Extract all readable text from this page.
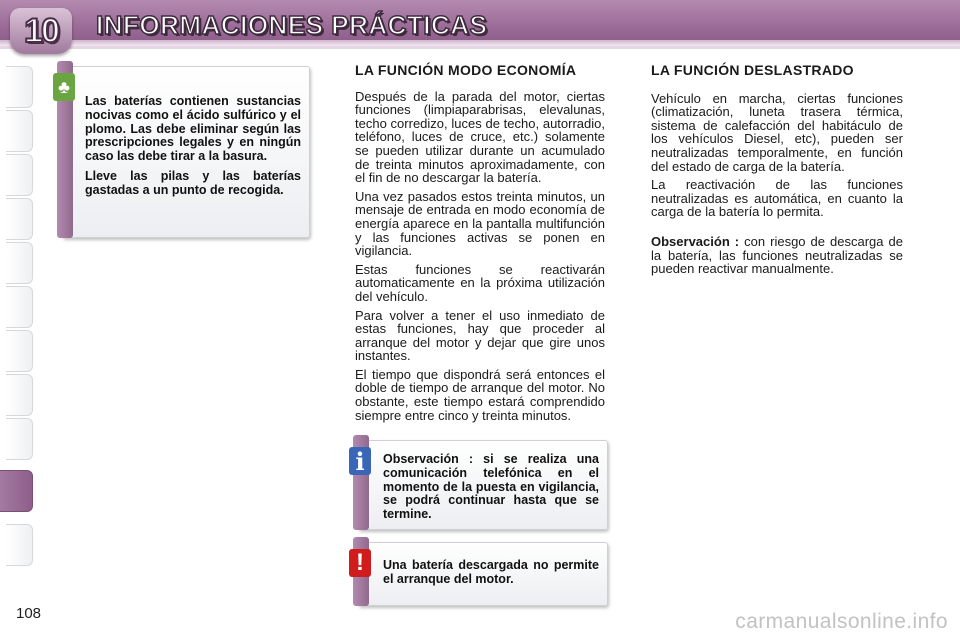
10	INFORMACIONES PRÁCTICAS
♣

Las baterías contienen sustancias nocivas como el ácido sulfúrico y el plomo. Las debe eliminar según las prescripciones legales y en ningún caso las debe tirar a la basura.

Lleve las pilas y las baterías gastadas a un punto de recogida.

LA FUNCIÓN MODO ECONOMÍA

Después de la parada del motor, ciertas funciones (limpiaparabrisas, elevalunas, techo corredizo, luces de techo, autorradio, teléfono, luces de cruce, etc.) solamente se pueden utilizar durante un acumulado de treinta minutos aproximadamente, con el fin de no descargar la batería.

Una vez pasados estos treinta minutos, un mensaje de entrada en modo economía de energía aparece en la pantalla multifunción y las funciones activas se ponen en vigilancia.

Estas funciones se reactivarán automaticamente en la próxima utilización del vehículo.

Para volver a tener el uso inmediato de estas funciones, hay que proceder al arranque del motor y dejar que gire unos instantes.

El tiempo que dispondrá será entonces el doble de tiempo de arranque del motor. No obstante, este tiempo estará comprendido siempre entre cinco y treinta minutos.

i	Observación : si se realiza una comunicación telefónica en el momento de la puesta en vigilancia, se podrá continuar hasta que se termine.
!	Una batería descargada no permite el arranque del motor.
LA FUNCIÓN DESLASTRADO

Vehículo en marcha, ciertas funciones (climatización, luneta trasera térmica, sistema de calefacción del habitáculo de los vehículos Diesel, etc), pueden ser neutralizadas temporalmente, en función del estado de carga de la batería.

La reactivación de las funciones neutralizadas es automática, en cuanto la carga de la batería lo permita.

Observación : con riesgo de descarga de la batería, las funciones neutralizadas se pueden reactivar manualmente.

108	carmanualsonline.info
